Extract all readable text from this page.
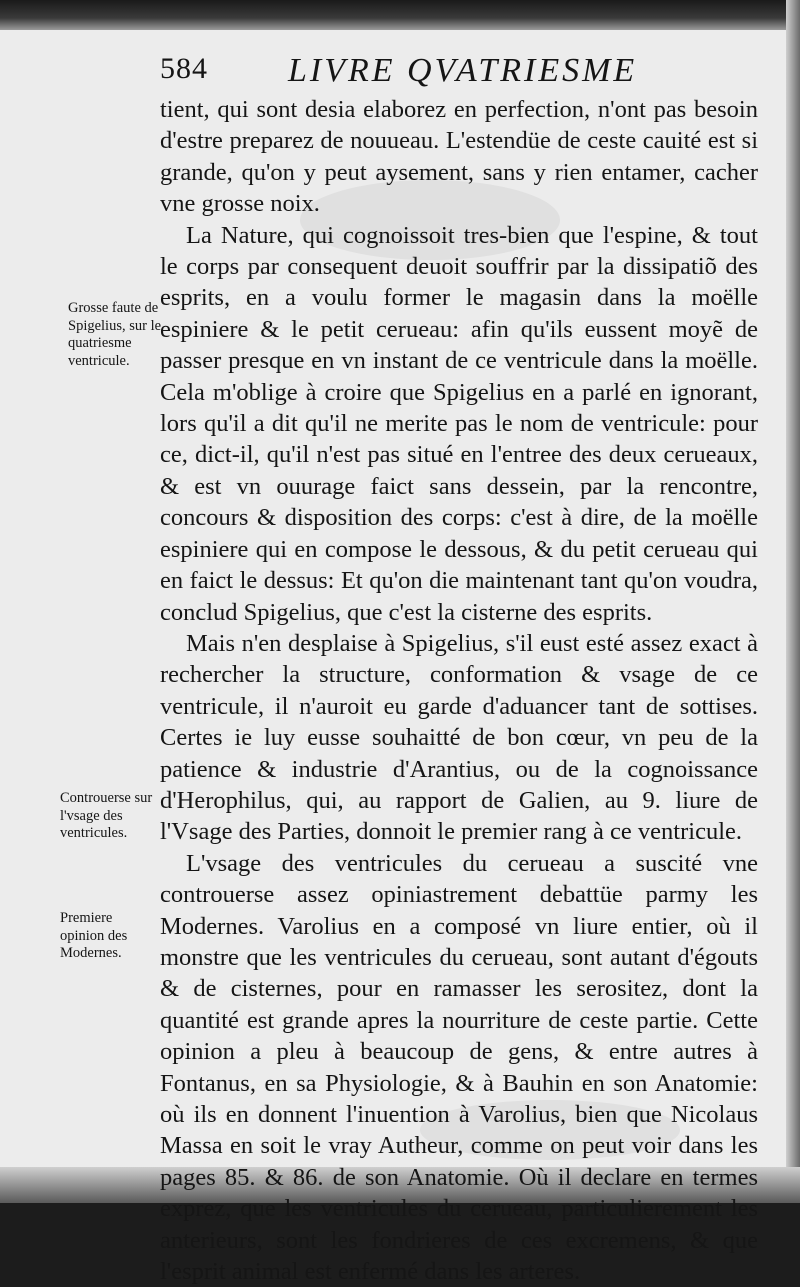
584 LIVRE QVATRIESME
Grosse faute de Spigelius, sur le quatriesme ventricule.
Controuerse sur l'vsage des ventricules.
Premiere opinion des Modernes.

tient, qui sont desia elaborez en perfection, n'ont pas besoin d'estre preparez de nouueau. L'estendüe de ceste cauité est si grande, qu'on y peut aysement, sans y rien entamer, cacher vne grosse noix.

La Nature, qui cognoissoit tres-bien que l'espine, & tout le corps par consequent deuoit souffrir par la dissipatiõ des esprits, en a voulu former le magasin dans la moëlle espiniere & le petit cerueau: afin qu'ils eussent moyẽ de passer presque en vn instant de ce ventricule dans la moëlle. Cela m'oblige à croire que Spigelius en a parlé en ignorant, lors qu'il a dit qu'il ne merite pas le nom de ventricule: pour ce, dict-il, qu'il n'est pas situé en l'entree des deux cerueaux, & est vn ouurage faict sans dessein, par la rencontre, concours & disposition des corps: c'est à dire, de la moëlle espiniere qui en compose le dessous, & du petit cerueau qui en faict le dessus: Et qu'on die maintenant tant qu'on voudra, conclud Spigelius, que c'est la cisterne des esprits.

Mais n'en desplaise à Spigelius, s'il eust esté assez exact à rechercher la structure, conformation & vsage de ce ventricule, il n'auroit eu garde d'aduancer tant de sottises. Certes ie luy eusse souhaitté de bon cœur, vn peu de la patience & industrie d'Arantius, ou de la cognoissance d'Herophilus, qui, au rapport de Galien, au 9. liure de l'Vsage des Parties, donnoit le premier rang à ce ventricule.

L'vsage des ventricules du cerueau a suscité vne controuerse assez opiniastrement debattüe parmy les Modernes. Varolius en a composé vn liure entier, où il monstre que les ventricules du cerueau, sont autant d'égouts & de cisternes, pour en ramasser les serositez, dont la quantité est grande apres la nourriture de ceste partie. Cette opinion a pleu à beaucoup de gens, & entre autres à Fontanus, en sa Physiologie, & à Bauhin en son Anatomie: où ils en donnent l'inuention à Varolius, bien que Nicolaus Massa en soit le vray Autheur, comme on peut voir dans les pages 85. & 86. de son Anatomie. Où il declare en termes exprez, que les ventricules du cerueau, particulierement les anterieurs, sont les fondrieres de ces excremens, & que l'esprit animal est enfermé dans les arteres.
